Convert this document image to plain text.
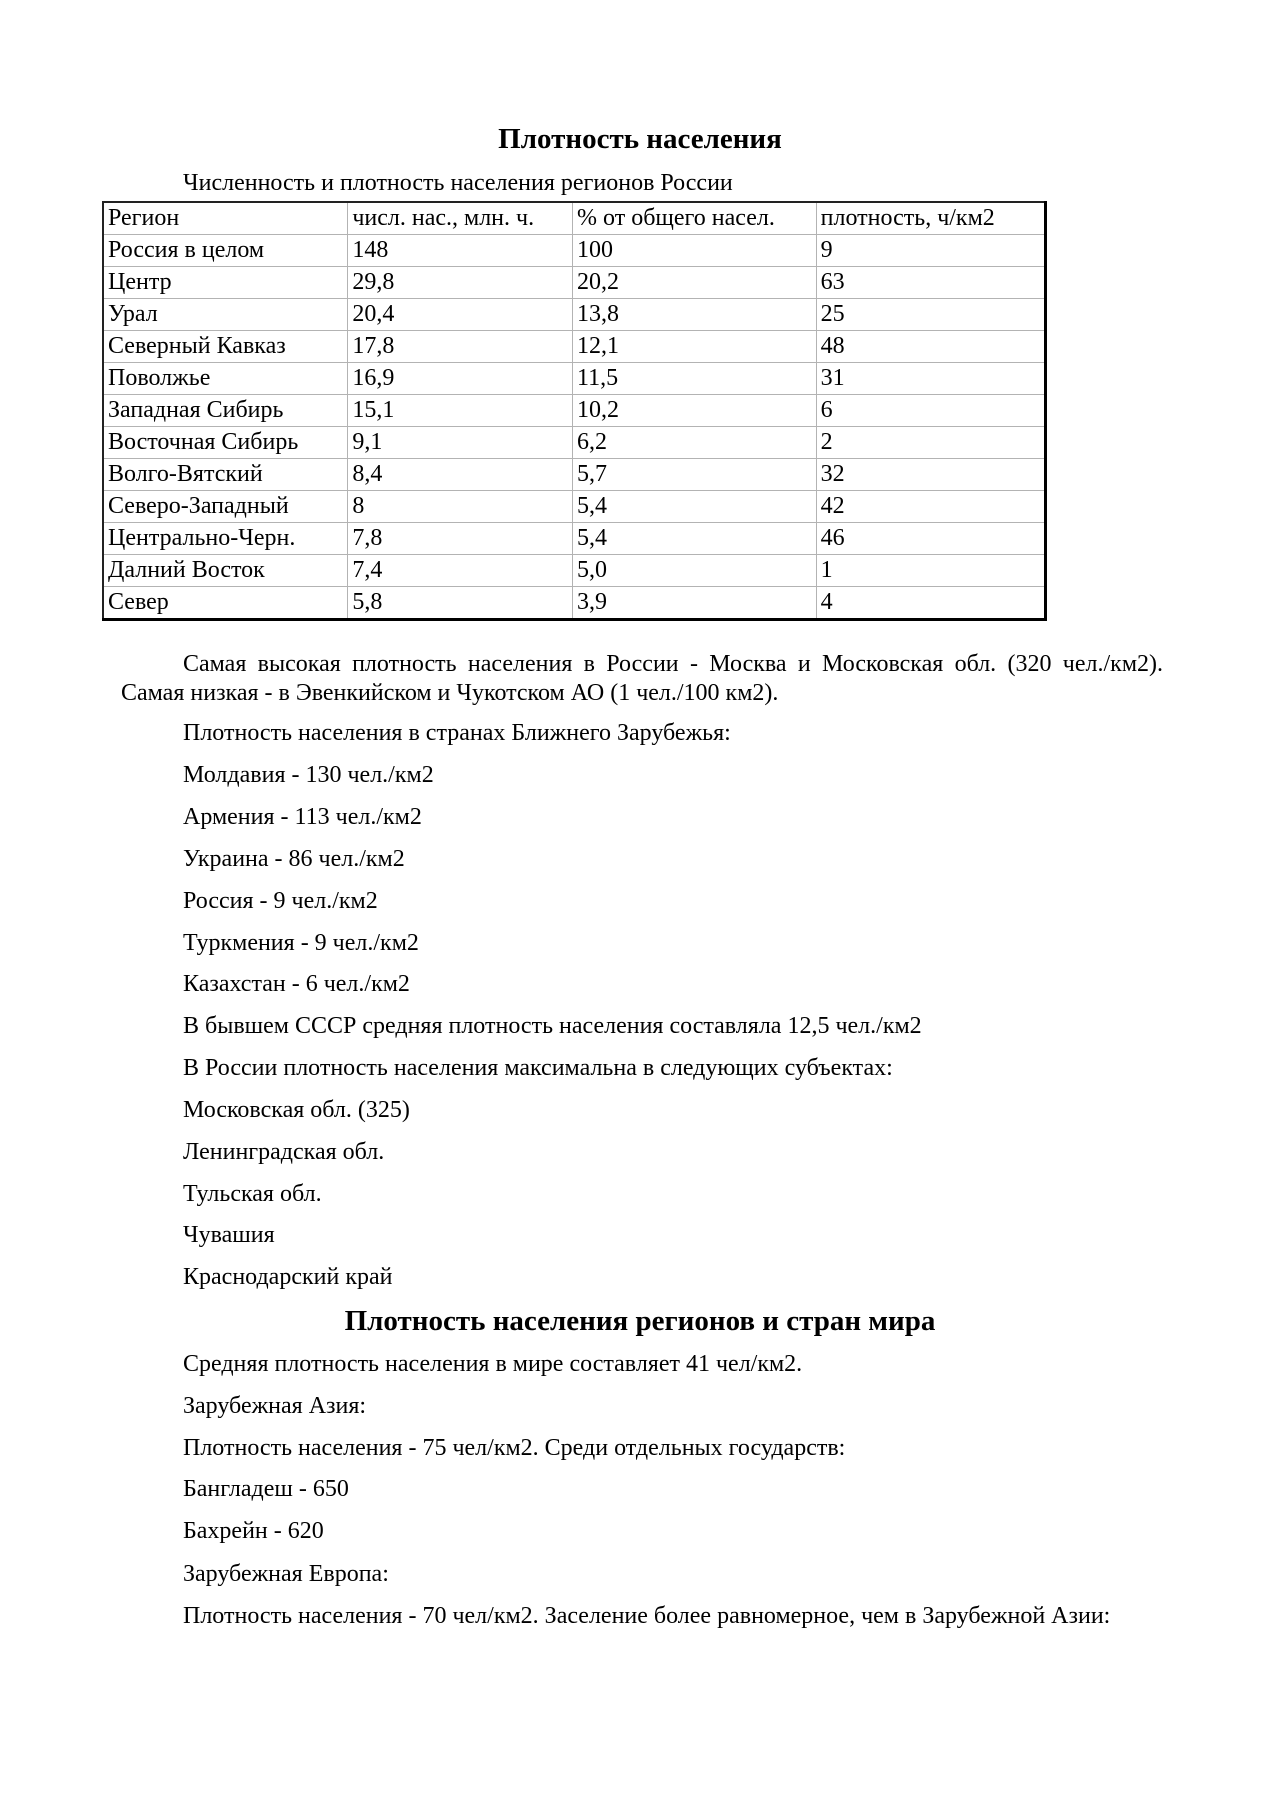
Плотность населения

Численность и плотность населения регионов России

Регион	числ. нас., млн. ч.	% от общего насел.	плотность, ч/км2
Россия в целом	148	100	9
Центр	29,8	20,2	63
Урал	20,4	13,8	25
Северный Кавказ	17,8	12,1	48
Поволжье	16,9	11,5	31
Западная Сибирь	15,1	10,2	6
Восточная Сибирь	9,1	6,2	2
Волго-Вятский	8,4	5,7	32
Северо-Западный	8	5,4	42
Центрально-Черн.	7,8	5,4	46
Далний Восток	7,4	5,0	1
Север	5,8	3,9	4

Самая высокая плотность населения в России - Москва и Московская обл. (320 чел./км2). Самая низкая - в Эвенкийском и Чукотском АО (1 чел./100 км2).

Плотность населения в странах Ближнего Зарубежья:

Молдавия - 130 чел./км2

Армения - 113 чел./км2

Украина - 86 чел./км2

Россия - 9 чел./км2

Туркмения - 9 чел./км2

Казахстан - 6 чел./км2

В бывшем СССР средняя плотность населения составляла 12,5 чел./км2

В России плотность населения максимальна в следующих субъектах:

Московская обл. (325)

Ленинградская обл.

Тульская обл.

Чувашия

Краснодарский край

Плотность населения регионов и стран мира

Средняя плотность населения в мире составляет 41 чел/км2.

Зарубежная Азия:

Плотность населения - 75 чел/км2. Среди отдельных государств:

Бангладеш - 650

Бахрейн - 620

Зарубежная Европа:

Плотность населения - 70 чел/км2. Заселение более равномерное, чем в Зарубежной Азии:
